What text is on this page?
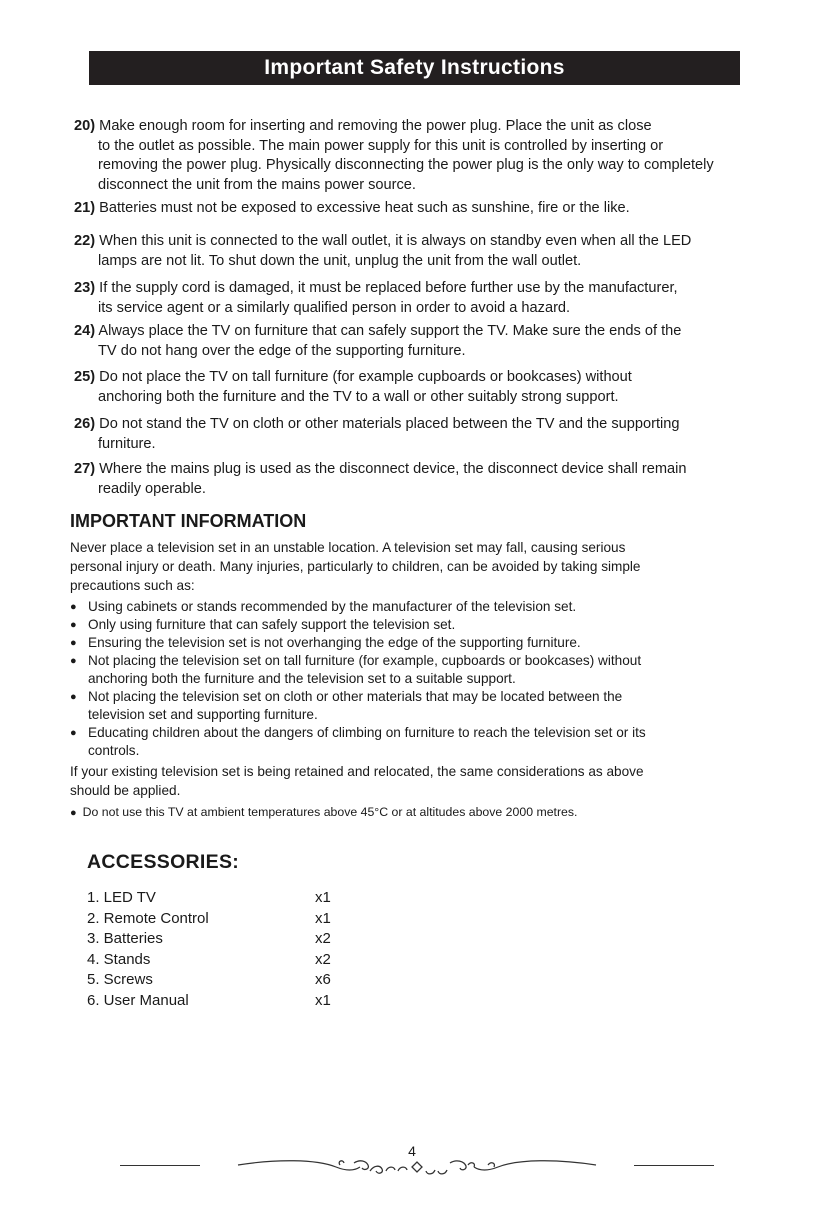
Important Safety Instructions
20) Make enough room for inserting and removing the power plug. Place the unit as close
to the outlet as possible. The main power supply for this unit is controlled by inserting or
removing the power plug. Physically disconnecting the power plug is the only way to completely
disconnect the unit from the mains power source.
21) Batteries must not be exposed to excessive heat such as sunshine, fire or the like.
22) When this unit is connected to the wall outlet, it is always on standby even when all the LED
lamps are not lit. To shut down the unit, unplug the unit from the wall outlet.
23) If the supply cord is damaged, it must be replaced before further use by the manufacturer,
its service agent or a similarly qualified person in order to avoid a hazard.
24) Always place the TV on furniture that can safely support the TV. Make sure the ends of the
TV do not hang over the edge of the supporting furniture.
25) Do not place the TV on tall furniture (for example cupboards or bookcases) without
anchoring both the furniture and the TV to a wall or other suitably strong support.
26) Do not stand the TV on cloth or other materials placed between the TV and the supporting
furniture.
27) Where the mains plug is used as the disconnect device, the disconnect device shall remain
readily operable.
IMPORTANT INFORMATION
Never place a television set in an unstable location. A television set may fall, causing serious
personal injury or death. Many injuries, particularly to children, can be avoided by taking simple
precautions such as:
● Using cabinets or stands recommended by the manufacturer of the television set.
● Only using furniture that can safely support the television set.
● Ensuring the television set is not overhanging the edge of the supporting furniture.
● Not placing the television set on tall furniture (for example, cupboards or bookcases) without
anchoring both the furniture and the television set to a suitable support.
● Not placing the television set on cloth or other materials that may be located between the
television set and supporting furniture.
● Educating children about the dangers of climbing on furniture to reach the television set or its
controls.
If your existing television set is being retained and relocated, the same considerations as above
should be applied.
● Do not use this TV at ambient temperatures above 45°C or at altitudes above 2000 metres.
ACCESSORIES:
1. LED TV	x1
2. Remote Control	x1
3. Batteries	x2
4. Stands	x2
5. Screws	x6
6. User Manual	x1
4
